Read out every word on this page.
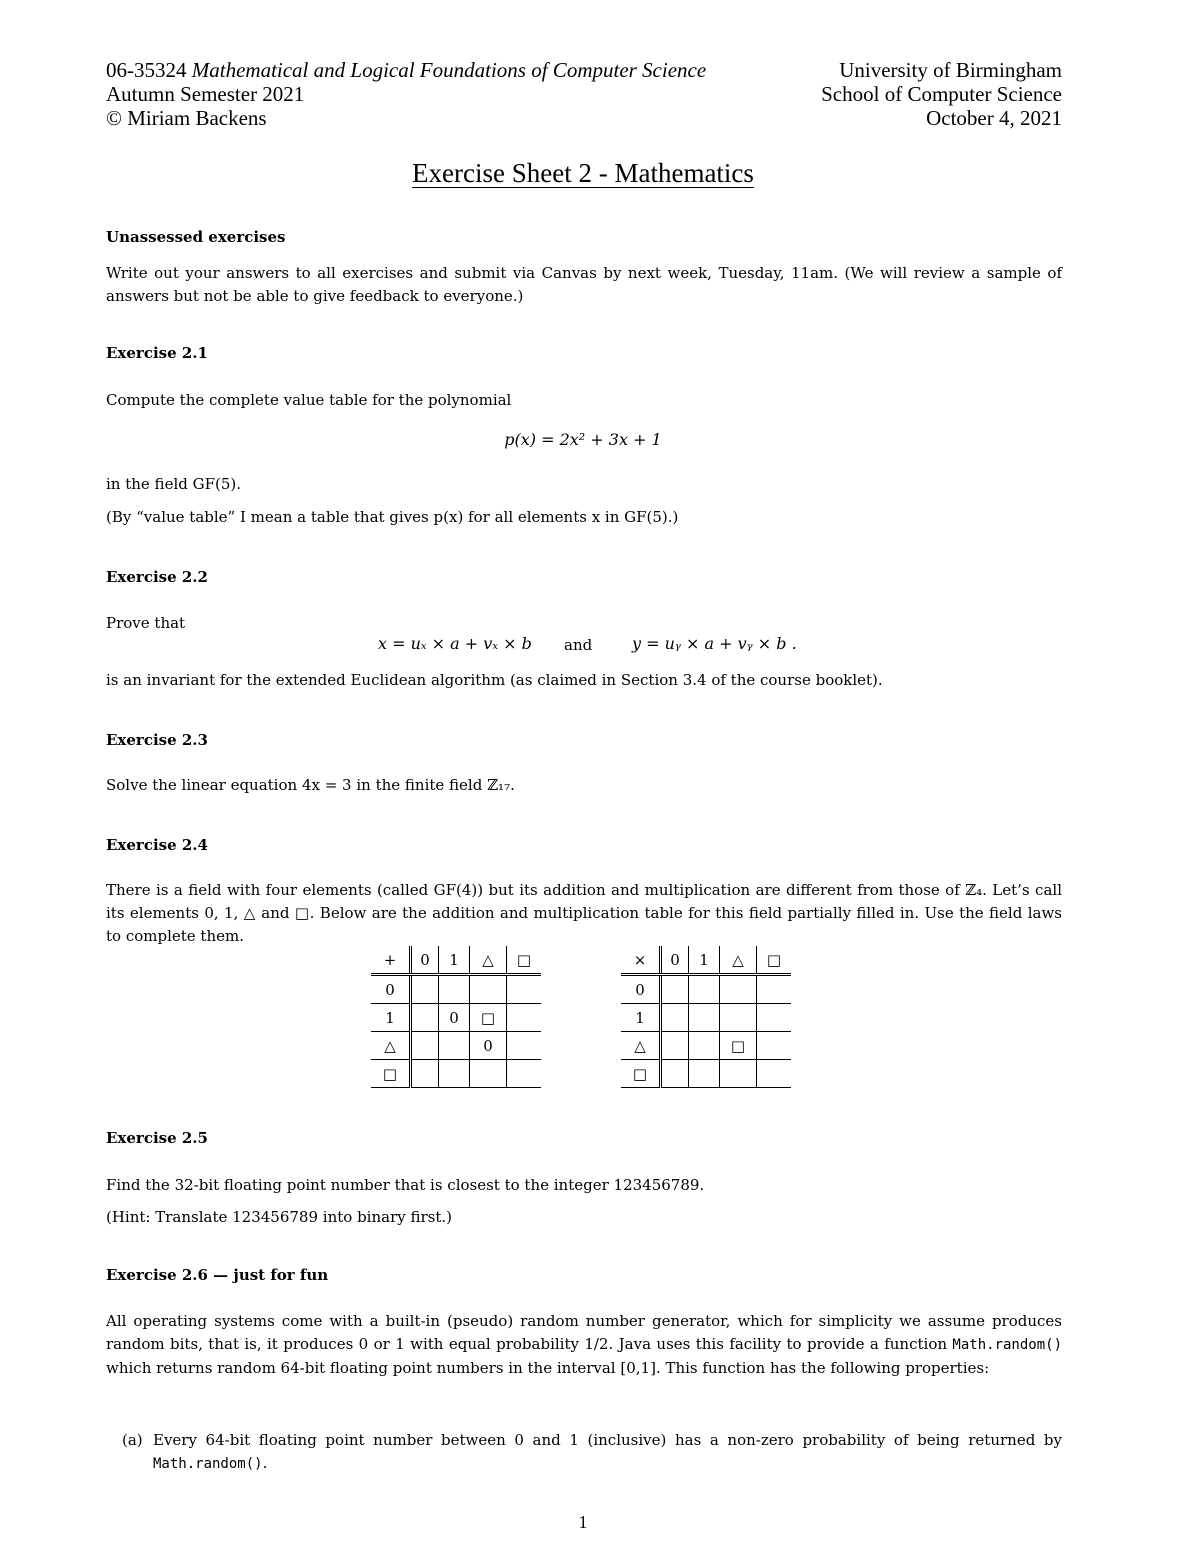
06-35324 Mathematical and Logical Foundations of Computer Science
Autumn Semester 2021
© Miriam Backens
University of Birmingham
School of Computer Science
October 4, 2021
Exercise Sheet 2 - Mathematics
Unassessed exercises
Write out your answers to all exercises and submit via Canvas by next week, Tuesday, 11am. (We will review a sample of answers but not be able to give feedback to everyone.)
Exercise 2.1
Compute the complete value table for the polynomial
p(x) = 2x² + 3x + 1
in the field GF(5).
(By “value table” I mean a table that gives p(x) for all elements x in GF(5).)
Exercise 2.2
Prove that
x = uₓ × a + vₓ × b and y = uᵧ × a + vᵧ × b .
is an invariant for the extended Euclidean algorithm (as claimed in Section 3.4 of the course booklet).
Exercise 2.3
Solve the linear equation 4x = 3 in the finite field ℤ₁₇.
Exercise 2.4
There is a field with four elements (called GF(4)) but its addition and multiplication are different from those of ℤ₄. Let’s call its elements 0, 1, △ and □. Below are the addition and multiplication table for this field partially filled in. Use the field laws to complete them.
+	0	1	△	□
0				
1		0	□	
△			0	
□				
×	0	1	△	□
0				
1				
△			□	
□				
Exercise 2.5
Find the 32-bit floating point number that is closest to the integer 123456789.
(Hint: Translate 123456789 into binary first.)
Exercise 2.6 — just for fun
All operating systems come with a built-in (pseudo) random number generator, which for simplicity we assume produces random bits, that is, it produces 0 or 1 with equal probability 1/2. Java uses this facility to provide a function Math.random() which returns random 64-bit floating point numbers in the interval [0,1]. This function has the following properties:
(a) Every 64-bit floating point number between 0 and 1 (inclusive) has a non-zero probability of being returned by Math.random().
1
